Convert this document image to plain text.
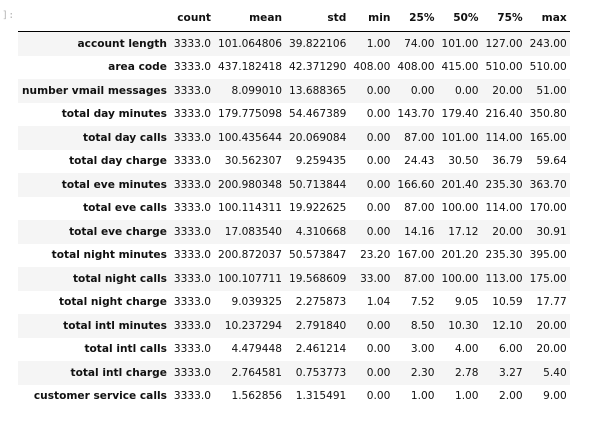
]:
		count	mean	std	min	25%	50%	75%	max
account length	3333.0	101.064806	39.822106	1.00	74.00	101.00	127.00	243.00
area code	3333.0	437.182418	42.371290	408.00	408.00	415.00	510.00	510.00
number vmail messages	3333.0	8.099010	13.688365	0.00	0.00	0.00	20.00	51.00
total day minutes	3333.0	179.775098	54.467389	0.00	143.70	179.40	216.40	350.80
total day calls	3333.0	100.435644	20.069084	0.00	87.00	101.00	114.00	165.00
total day charge	3333.0	30.562307	9.259435	0.00	24.43	30.50	36.79	59.64
total eve minutes	3333.0	200.980348	50.713844	0.00	166.60	201.40	235.30	363.70
total eve calls	3333.0	100.114311	19.922625	0.00	87.00	100.00	114.00	170.00
total eve charge	3333.0	17.083540	4.310668	0.00	14.16	17.12	20.00	30.91
total night minutes	3333.0	200.872037	50.573847	23.20	167.00	201.20	235.30	395.00
total night calls	3333.0	100.107711	19.568609	33.00	87.00	100.00	113.00	175.00
total night charge	3333.0	9.039325	2.275873	1.04	7.52	9.05	10.59	17.77
total intl minutes	3333.0	10.237294	2.791840	0.00	8.50	10.30	12.10	20.00
total intl calls	3333.0	4.479448	2.461214	0.00	3.00	4.00	6.00	20.00
total intl charge	3333.0	2.764581	0.753773	0.00	2.30	2.78	3.27	5.40
customer service calls	3333.0	1.562856	1.315491	0.00	1.00	1.00	2.00	9.00
